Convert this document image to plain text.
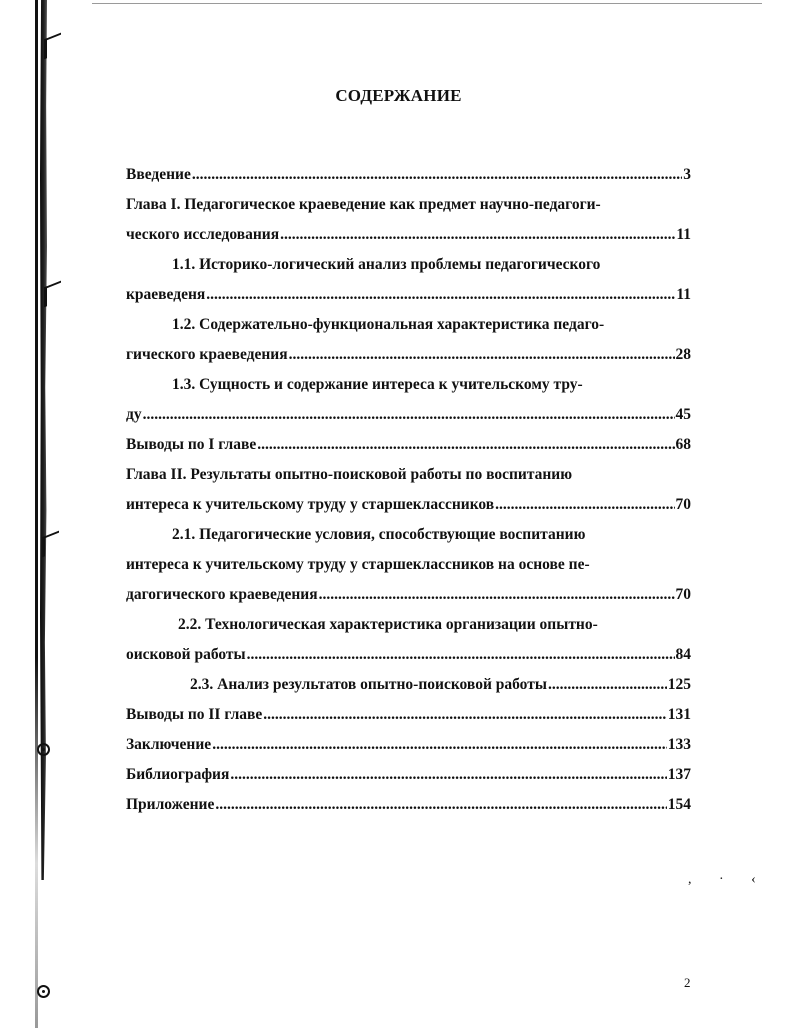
, · ‹
СОДЕРЖАНИЕ
Введение .....	3
Глава I. Педагогическое краеведение как предмет научно-педагоги-
ческого исследования .....	11
1.1. Историко-логический анализ проблемы педагогического
краеведеня .....	11
1.2. Содержательно-функциональная характеристика педаго-
гического краеведения .....	28
1.3. Сущность и содержание интереса к учительскому тру-
ду .....	45
Выводы по I главе .....	68
Глава II. Результаты опытно-поисковой работы по воспитанию
интереса к учительскому труду у старшеклассников .....	70
2.1. Педагогические условия, способствующие воспитанию
интереса к учительскому труду у старшеклассников на основе пе-
дагогического краеведения .....	70
2.2. Технологическая характеристика организации опытно-
оисковой работы .....	84
2.3. Анализ результатов опытно-поисковой работы .....	125
Выводы по II главе .....	131
Заключение .....	133
Библиография .....	137
Приложение .....	154
2
